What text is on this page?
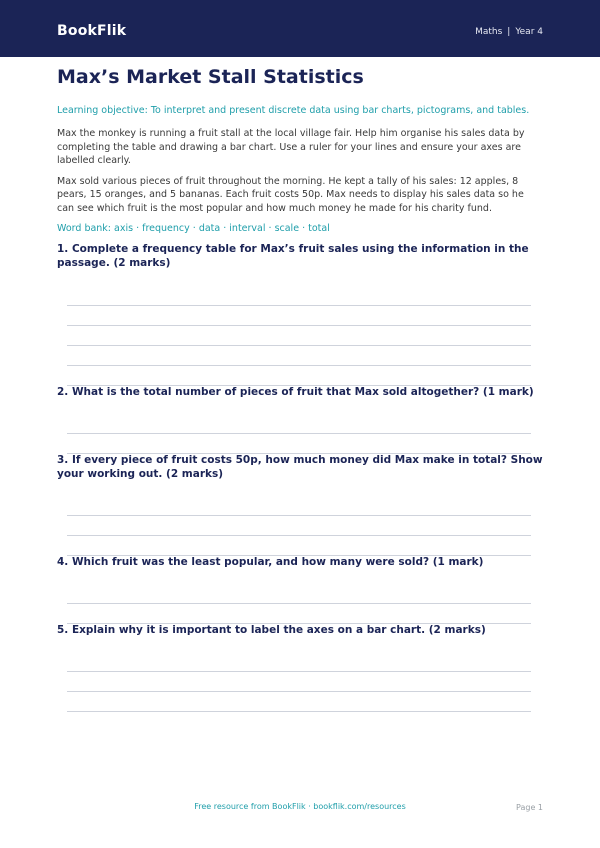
BookFlik	Maths | Year 4
Max’s Market Stall Statistics

Learning objective: To interpret and present discrete data using bar charts, pictograms, and tables.

Max the monkey is running a fruit stall at the local village fair. Help him organise his sales data by completing the table and drawing a bar chart. Use a ruler for your lines and ensure your axes are labelled clearly.

Max sold various pieces of fruit throughout the morning. He kept a tally of his sales: 12 apples, 8 pears, 15 oranges, and 5 bananas. Each fruit costs 50p. Max needs to display his sales data so he can see which fruit is the most popular and how much money he made for his charity fund.

Word bank: axis · frequency · data · interval · scale · total

1. Complete a frequency table for Max’s fruit sales using the information in the passage. (2 marks)
2. What is the total number of pieces of fruit that Max sold altogether? (1 mark)
3. If every piece of fruit costs 50p, how much money did Max make in total? Show your working out. (2 marks)
4. Which fruit was the least popular, and how many were sold? (1 mark)
5. Explain why it is important to label the axes on a bar chart. (2 marks)
Free resource from BookFlik · bookflik.com/resources	Page 1
